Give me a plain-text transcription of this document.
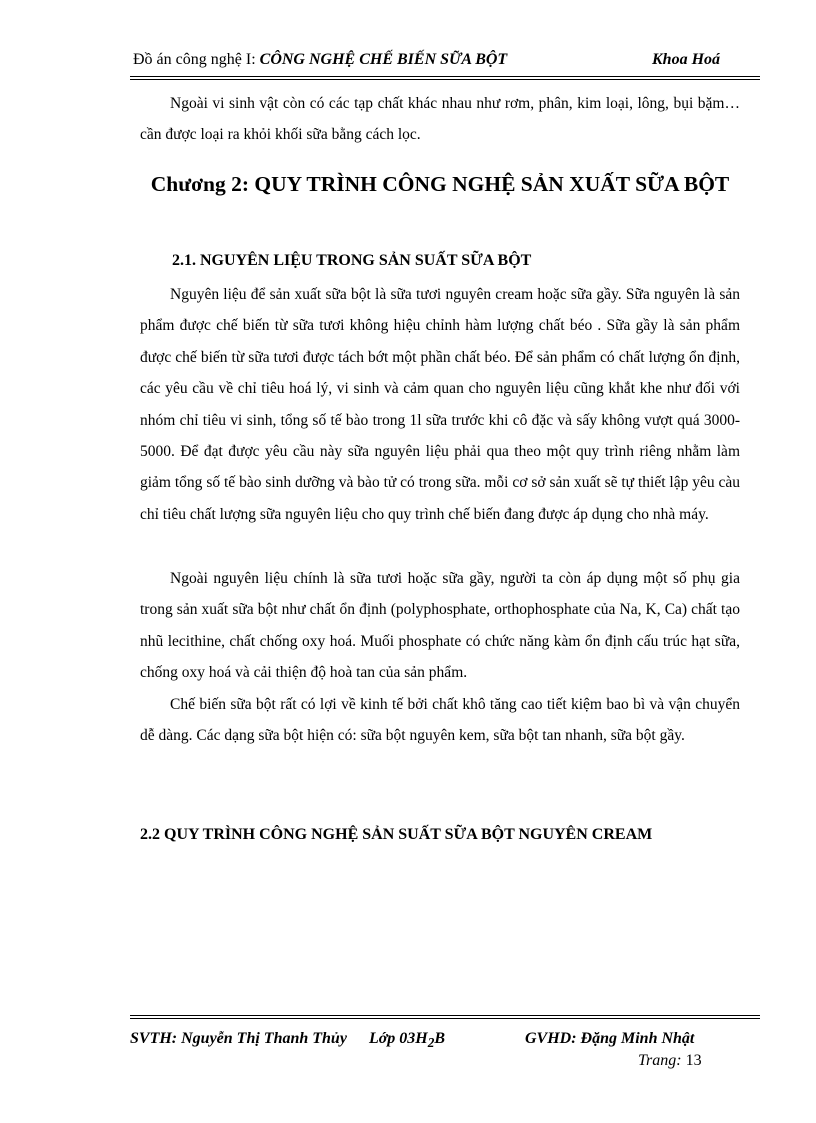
Đồ án công nghệ I: CÔNG NGHỆ CHẾ BIẾN SỮA BỘT	Khoa Hoá

Ngoài vi sinh vật còn có các tạp chất khác nhau như rơm, phân, kim loại, lông, bụi bặm…cần được loại ra khỏi khối sữa bằng cách lọc.

Chương 2: QUY TRÌNH CÔNG NGHỆ SẢN XUẤT SỮA BỘT

2.1. NGUYÊN LIỆU TRONG SẢN SUẤT SỮA BỘT

Nguyên liệu để sản xuất sữa bột là sữa tươi nguyên cream hoặc sữa gầy. Sữa nguyên là sản phẩm được chế biến từ sữa tươi không hiệu chỉnh hàm lượng chất béo . Sữa gầy là sản phẩm được chế biến từ sữa tươi được tách bớt một phần chất béo. Để sản phẩm có chất lượng ổn định, các yêu cầu về chỉ tiêu hoá lý, vi sinh và cảm quan cho nguyên liệu cũng khắt khe như đối với nhóm chỉ tiêu vi sinh, tổng số tế bào trong 1l sữa trước khi cô đặc và sấy không vượt quá 3000-5000. Để đạt được yêu cầu này sữa nguyên liệu phải qua theo một quy trình riêng nhằm làm giảm tổng số tế bào sinh dưỡng và bào tử có trong sữa. mỗi cơ sở sản xuất sẽ tự thiết lập yêu càu chỉ tiêu chất lượng sữa nguyên liệu cho quy trình chế biến đang được áp dụng cho nhà máy.

Ngoài nguyên liệu chính là sữa tươi hoặc sữa gầy, người ta còn áp dụng một số phụ gia trong sản xuất sữa bột như chất ổn định (polyphosphate, orthophosphate của Na, K, Ca) chất tạo nhũ lecithine, chất chống oxy hoá. Muối phosphate có chức năng kàm ổn định cấu trúc hạt sữa, chống oxy hoá và cải thiện độ hoà tan của sản phẩm.

Chế biến sữa bột rất có lợi về kinh tế bởi chất khô tăng cao tiết kiệm bao bì và vận chuyển dễ dàng. Các dạng sữa bột hiện có: sữa bột nguyên kem, sữa bột tan nhanh, sữa bột gầy.

2.2 QUY TRÌNH CÔNG NGHỆ SẢN SUẤT SỮA BỘT NGUYÊN CREAM

SVTH: Nguyễn Thị Thanh Thủy Lớp $03H_2B$	GVHD: Đặng Minh Nhật
Trang: 13
